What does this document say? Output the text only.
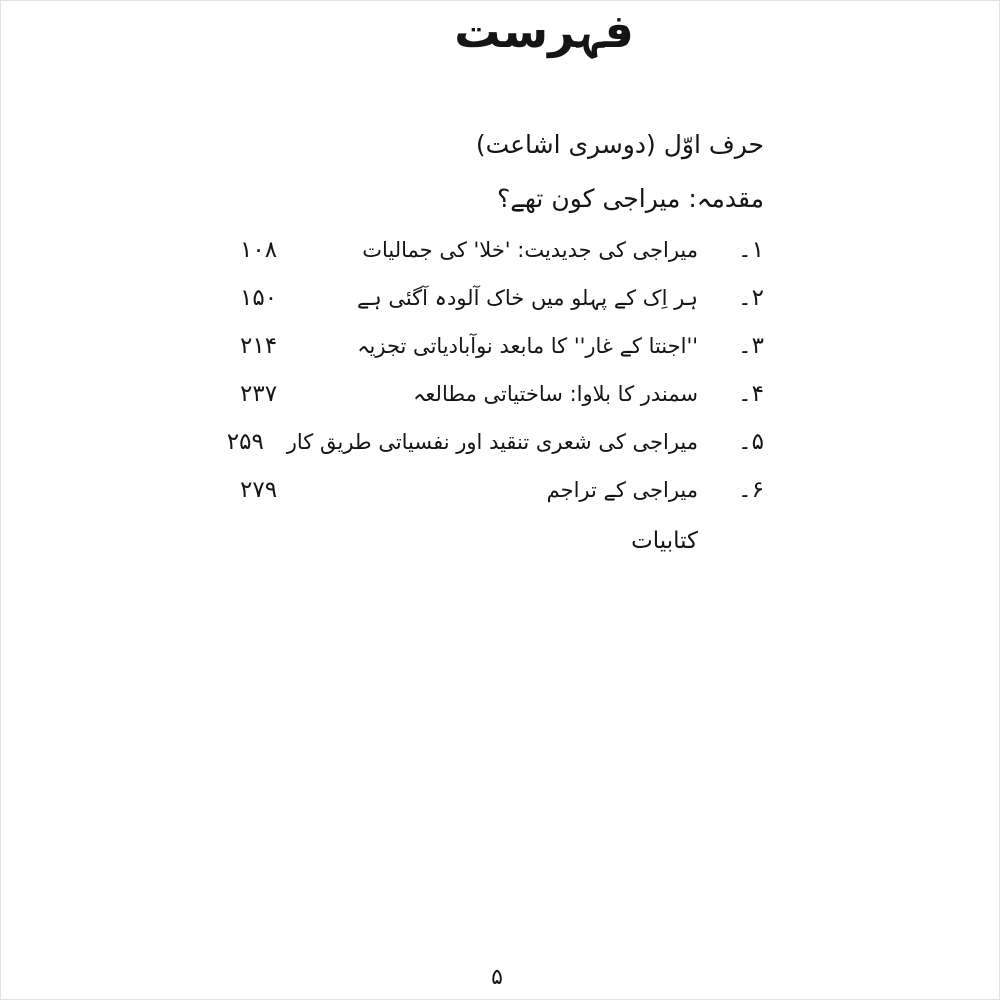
فہرست
حرف اوّل (دوسری اشاعت)
مقدمہ: میراجی کون تھے؟
۱۔
میراجی کی جدیدیت: 'خلا' کی جمالیات
۱۰۸
۲۔
ہر اِک کے پہلو میں خاک آلودہ آگئی ہے
۱۵۰
۳۔
''اجنتا کے غار'' کا مابعد نوآبادیاتی تجزیہ
۲۱۴
۴۔
سمندر کا بلاوا: ساختیاتی مطالعہ
۲۳۷
۵۔
میراجی کی شعری تنقید اور نفسیاتی طریق کار
۲۵۹
۶۔
میراجی کے تراجم
۲۷۹
کتابیات
۵
